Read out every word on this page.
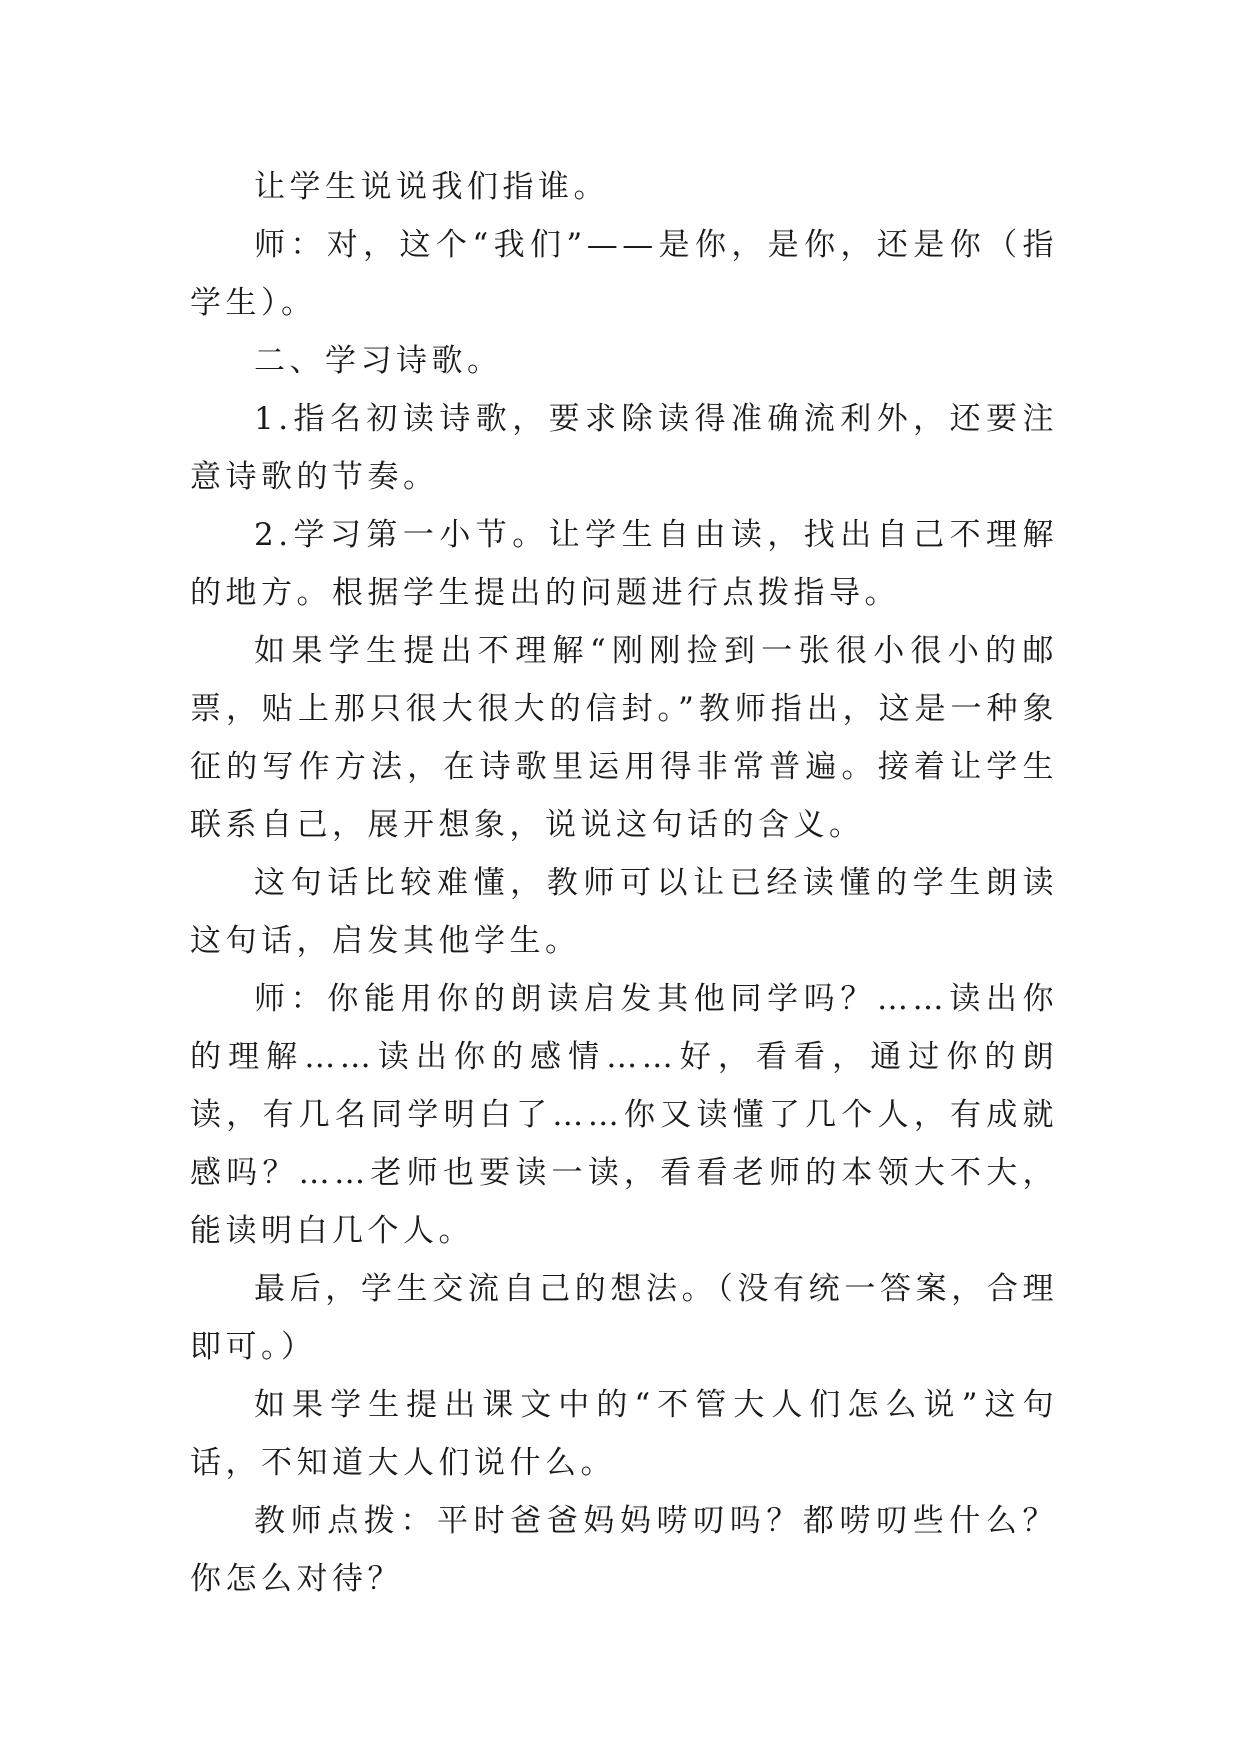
让学生说说我们指谁。

师：对，这个“我们”——是你，是你，还是你（指学生）。

二、学习诗歌。

1.指名初读诗歌，要求除读得准确流利外，还要注意诗歌的节奏。

2.学习第一小节。让学生自由读，找出自己不理解的地方。根据学生提出的问题进行点拨指导。

如果学生提出不理解“刚刚捡到一张很小很小的邮票，贴上那只很大很大的信封。”教师指出，这是一种象征的写作方法，在诗歌里运用得非常普遍。接着让学生联系自己，展开想象，说说这句话的含义。

这句话比较难懂，教师可以让已经读懂的学生朗读这句话，启发其他学生。

师：你能用你的朗读启发其他同学吗？……读出你的理解……读出你的感情……好，看看，通过你的朗读，有几名同学明白了……你又读懂了几个人，有成就感吗？……老师也要读一读，看看老师的本领大不大，能读明白几个人。

最后，学生交流自己的想法。（没有统一答案，合理即可。）

如果学生提出课文中的“不管大人们怎么说”这句话，不知道大人们说什么。

教师点拨：平时爸爸妈妈唠叨吗？都唠叨些什么？你怎么对待？
